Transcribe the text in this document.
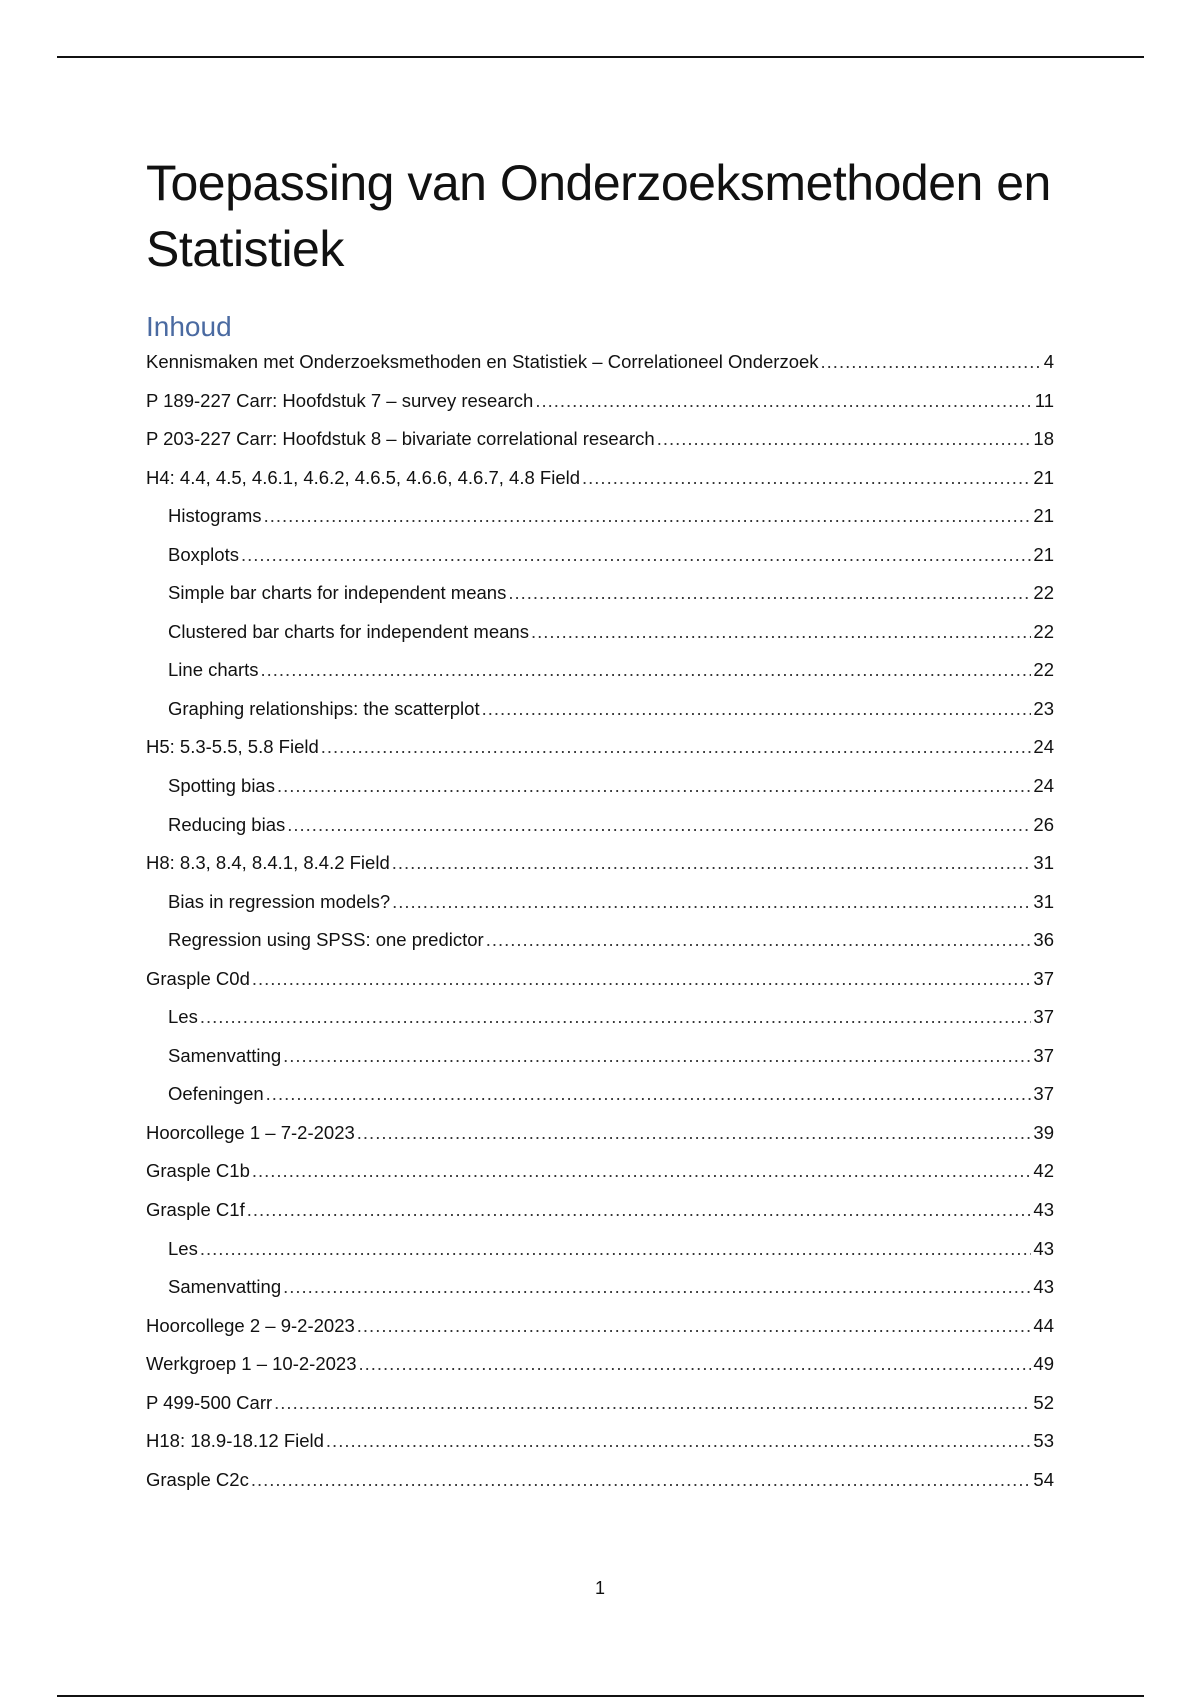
Toepassing van Onderzoeksmethoden en Statistiek
Inhoud
Kennismaken met Onderzoeksmethoden en Statistiek – Correlationeel Onderzoek .....	4
P 189-227 Carr: Hoofdstuk 7 – survey research .....	11
P 203-227 Carr: Hoofdstuk 8 – bivariate correlational research .....	18
H4: 4.4, 4.5, 4.6.1, 4.6.2, 4.6.5, 4.6.6, 4.6.7, 4.8 Field .....	21
Histograms .....	21
Boxplots .....	21
Simple bar charts for independent means .....	22
Clustered bar charts for independent means .....	22
Line charts .....	22
Graphing relationships: the scatterplot .....	23
H5: 5.3-5.5, 5.8 Field .....	24
Spotting bias .....	24
Reducing bias .....	26
H8: 8.3, 8.4, 8.4.1, 8.4.2 Field .....	31
Bias in regression models? .....	31
Regression using SPSS: one predictor .....	36
Grasple C0d .....	37
Les .....	37
Samenvatting .....	37
Oefeningen .....	37
Hoorcollege 1 – 7-2-2023 .....	39
Grasple C1b .....	42
Grasple C1f .....	43
Les .....	43
Samenvatting .....	43
Hoorcollege 2 – 9-2-2023 .....	44
Werkgroep 1 – 10-2-2023 .....	49
P 499-500 Carr .....	52
H18: 18.9-18.12 Field .....	53
Grasple C2c .....	54
1
